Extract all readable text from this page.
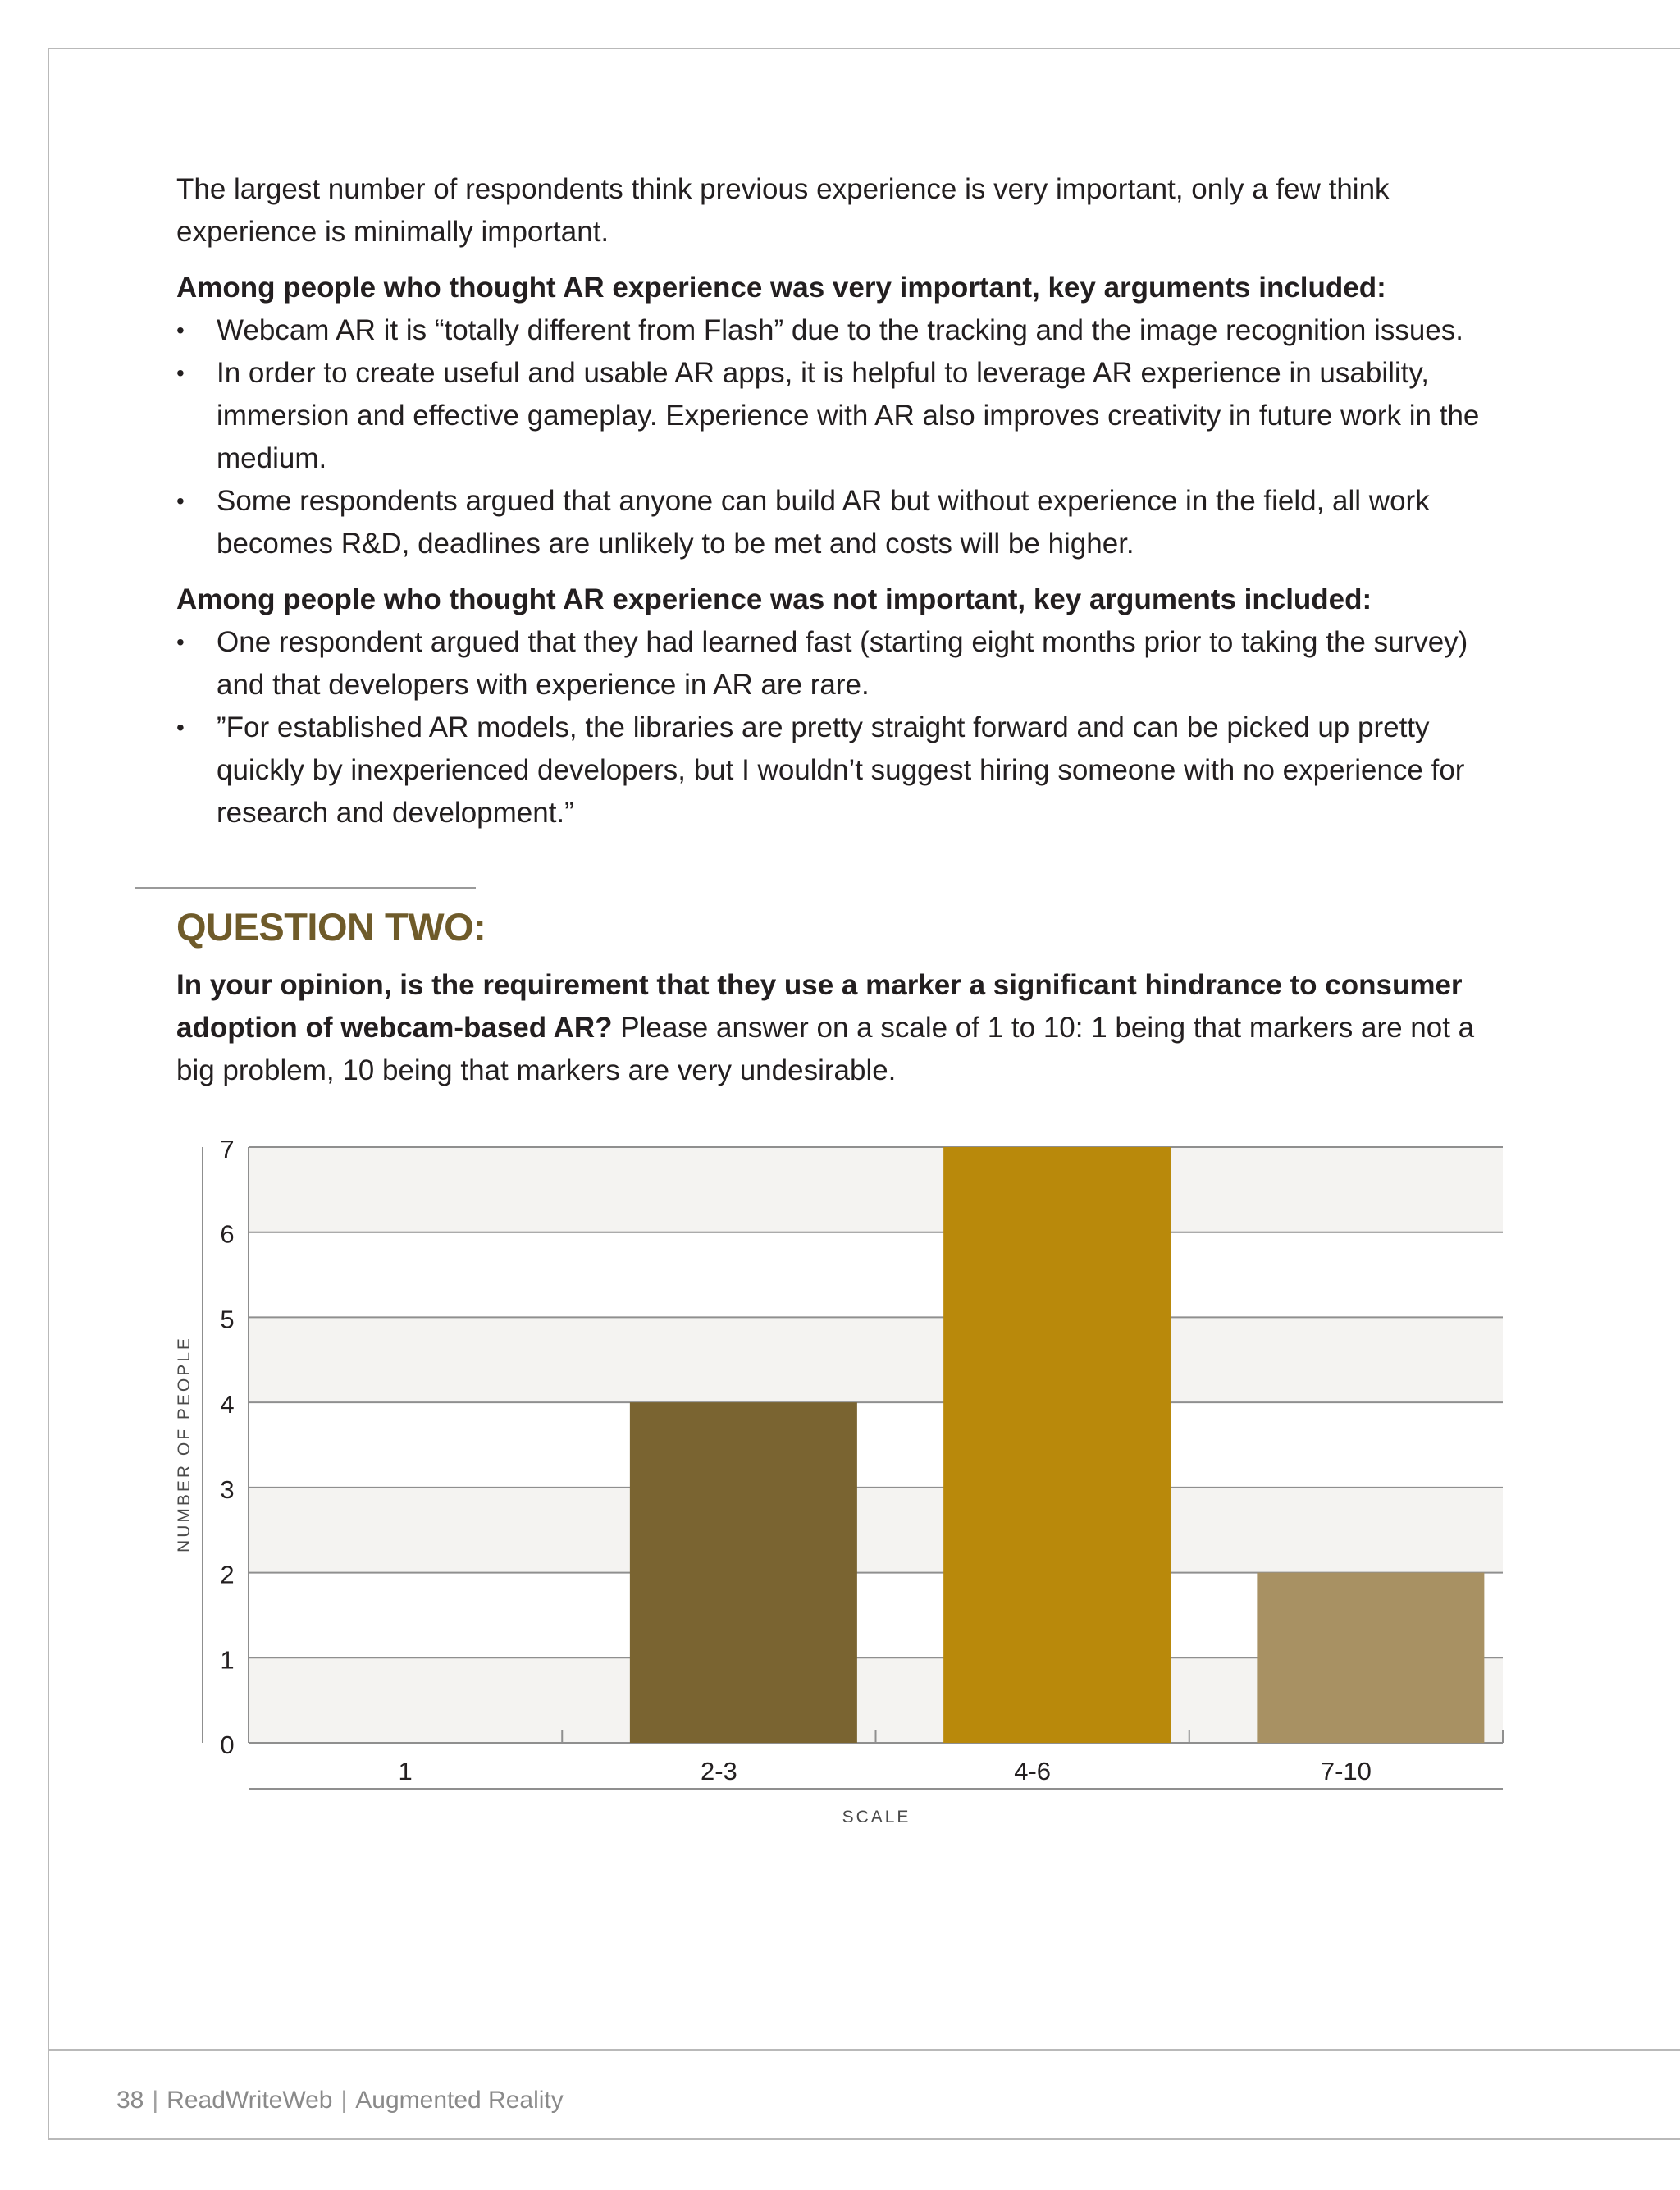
The largest number of respondents think previous experience is very important, only a few think experience is minimally important.

Among people who thought AR experience was very important, key arguments included:

• Webcam AR it is “totally different from Flash” due to the tracking and the image recognition issues.
• In order to create useful and usable AR apps, it is helpful to leverage AR experience in usability, immersion and effective gameplay. Experience with AR also improves creativity in future work in the medium.
• Some respondents argued that anyone can build AR but without experience in the field, all work becomes R&D, deadlines are unlikely to be met and costs will be higher.

Among people who thought AR experience was not important, key arguments included:

• One respondent argued that they had learned fast (starting eight months prior to taking the survey) and that developers with experience in AR are rare.
• ”For established AR models, the libraries are pretty straight forward and can be picked up pretty quickly by inexperienced developers, but I wouldn’t suggest hiring someone with no experience for research and development.”
QUESTION TWO:
In your opinion, is the requirement that they use a marker a significant hindrance to consumer adoption of webcam-based AR? Please answer on a scale of 1 to 10: 1 being that markers are not a big problem, 10 being that markers are very undesirable.
0
1
2
3
4
5
6
7
1	2-3	4-6	7-10
SCALE
NUMBER OF PEOPLE
38 | ReadWriteWeb | Augmented Reality
